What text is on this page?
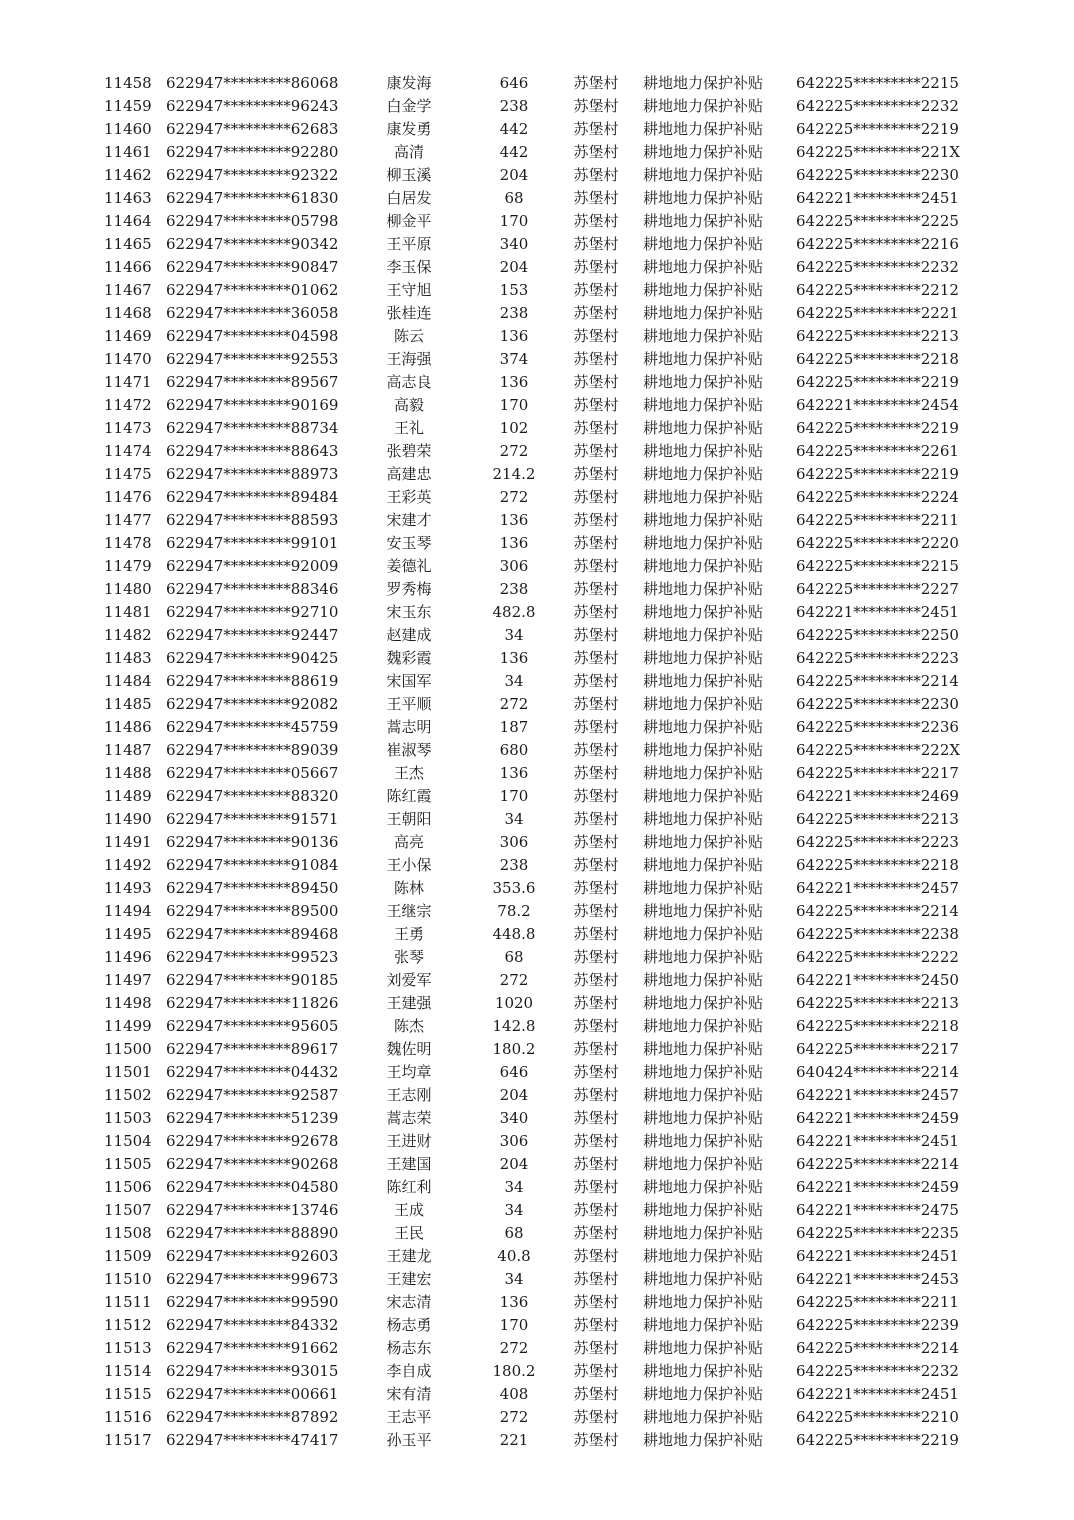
11458 622947*********86068	康发海	646	苏堡村	耕地地力保护补贴	642225*********2215
11459 622947*********96243	白金学	238	苏堡村	耕地地力保护补贴	642225*********2232
11460 622947*********62683	康发勇	442	苏堡村	耕地地力保护补贴	642225*********2219
11461 622947*********92280	高清	442	苏堡村	耕地地力保护补贴	642225*********221X
11462 622947*********92322	柳玉溪	204	苏堡村	耕地地力保护补贴	642225*********2230
11463 622947*********61830	白居发	68	苏堡村	耕地地力保护补贴	642221*********2451
11464 622947*********05798	柳金平	170	苏堡村	耕地地力保护补贴	642225*********2225
11465 622947*********90342	王平原	340	苏堡村	耕地地力保护补贴	642225*********2216
11466 622947*********90847	李玉保	204	苏堡村	耕地地力保护补贴	642225*********2232
11467 622947*********01062	王守旭	153	苏堡村	耕地地力保护补贴	642225*********2212
11468 622947*********36058	张桂连	238	苏堡村	耕地地力保护补贴	642225*********2221
11469 622947*********04598	陈云	136	苏堡村	耕地地力保护补贴	642225*********2213
11470 622947*********92553	王海强	374	苏堡村	耕地地力保护补贴	642225*********2218
11471 622947*********89567	高志良	136	苏堡村	耕地地力保护补贴	642225*********2219
11472 622947*********90169	高毅	170	苏堡村	耕地地力保护补贴	642221*********2454
11473 622947*********88734	王礼	102	苏堡村	耕地地力保护补贴	642225*********2219
11474 622947*********88643	张碧荣	272	苏堡村	耕地地力保护补贴	642225*********2261
11475 622947*********88973	高建忠	214.2	苏堡村	耕地地力保护补贴	642225*********2219
11476 622947*********89484	王彩英	272	苏堡村	耕地地力保护补贴	642225*********2224
11477 622947*********88593	宋建才	136	苏堡村	耕地地力保护补贴	642225*********2211
11478 622947*********99101	安玉琴	136	苏堡村	耕地地力保护补贴	642225*********2220
11479 622947*********92009	姜德礼	306	苏堡村	耕地地力保护补贴	642225*********2215
11480 622947*********88346	罗秀梅	238	苏堡村	耕地地力保护补贴	642225*********2227
11481 622947*********92710	宋玉东	482.8	苏堡村	耕地地力保护补贴	642221*********2451
11482 622947*********92447	赵建成	34	苏堡村	耕地地力保护补贴	642225*********2250
11483 622947*********90425	魏彩霞	136	苏堡村	耕地地力保护补贴	642225*********2223
11484 622947*********88619	宋国军	34	苏堡村	耕地地力保护补贴	642225*********2214
11485 622947*********92082	王平顺	272	苏堡村	耕地地力保护补贴	642225*********2230
11486 622947*********45759	蒿志明	187	苏堡村	耕地地力保护补贴	642225*********2236
11487 622947*********89039	崔淑琴	680	苏堡村	耕地地力保护补贴	642225*********222X
11488 622947*********05667	王杰	136	苏堡村	耕地地力保护补贴	642225*********2217
11489 622947*********88320	陈红霞	170	苏堡村	耕地地力保护补贴	642221*********2469
11490 622947*********91571	王朝阳	34	苏堡村	耕地地力保护补贴	642225*********2213
11491 622947*********90136	高亮	306	苏堡村	耕地地力保护补贴	642225*********2223
11492 622947*********91084	王小保	238	苏堡村	耕地地力保护补贴	642225*********2218
11493 622947*********89450	陈林	353.6	苏堡村	耕地地力保护补贴	642221*********2457
11494 622947*********89500	王继宗	78.2	苏堡村	耕地地力保护补贴	642225*********2214
11495 622947*********89468	王勇	448.8	苏堡村	耕地地力保护补贴	642225*********2238
11496 622947*********99523	张琴	68	苏堡村	耕地地力保护补贴	642225*********2222
11497 622947*********90185	刘爱军	272	苏堡村	耕地地力保护补贴	642221*********2450
11498 622947*********11826	王建强	1020	苏堡村	耕地地力保护补贴	642225*********2213
11499 622947*********95605	陈杰	142.8	苏堡村	耕地地力保护补贴	642225*********2218
11500 622947*********89617	魏佐明	180.2	苏堡村	耕地地力保护补贴	642225*********2217
11501 622947*********04432	王均章	646	苏堡村	耕地地力保护补贴	640424*********2214
11502 622947*********92587	王志刚	204	苏堡村	耕地地力保护补贴	642221*********2457
11503 622947*********51239	蒿志荣	340	苏堡村	耕地地力保护补贴	642221*********2459
11504 622947*********92678	王进财	306	苏堡村	耕地地力保护补贴	642221*********2451
11505 622947*********90268	王建国	204	苏堡村	耕地地力保护补贴	642225*********2214
11506 622947*********04580	陈红利	34	苏堡村	耕地地力保护补贴	642221*********2459
11507 622947*********13746	王成	34	苏堡村	耕地地力保护补贴	642221*********2475
11508 622947*********88890	王民	68	苏堡村	耕地地力保护补贴	642225*********2235
11509 622947*********92603	王建龙	40.8	苏堡村	耕地地力保护补贴	642221*********2451
11510 622947*********99673	王建宏	34	苏堡村	耕地地力保护补贴	642221*********2453
11511 622947*********99590	宋志清	136	苏堡村	耕地地力保护补贴	642225*********2211
11512 622947*********84332	杨志勇	170	苏堡村	耕地地力保护补贴	642225*********2239
11513 622947*********91662	杨志东	272	苏堡村	耕地地力保护补贴	642225*********2214
11514 622947*********93015	李自成	180.2	苏堡村	耕地地力保护补贴	642225*********2232
11515 622947*********00661	宋有清	408	苏堡村	耕地地力保护补贴	642221*********2451
11516 622947*********87892	王志平	272	苏堡村	耕地地力保护补贴	642225*********2210
11517 622947*********47417	孙玉平	221	苏堡村	耕地地力保护补贴	642225*********2219
